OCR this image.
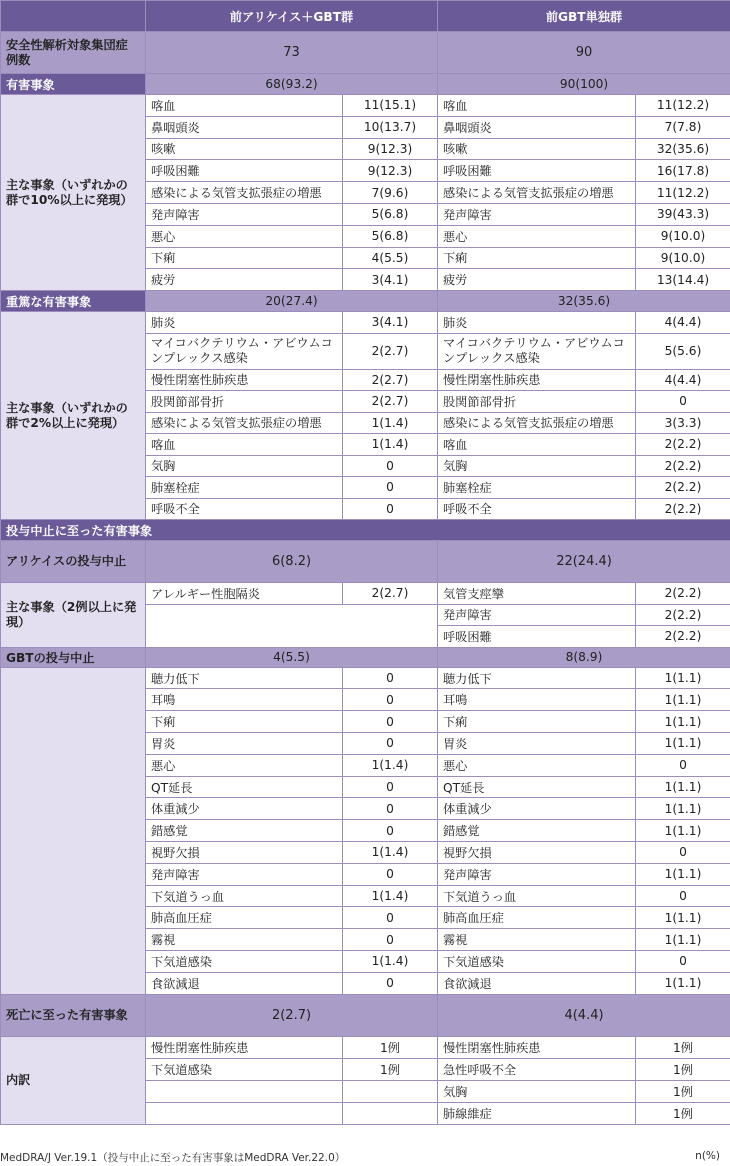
	前アリケイス＋GBT群		前GBT単独群	
安全性解析対象集団症例数	73		90	
有害事象	68(93.2)		90(100)	
主な事象（いずれかの群で10%以上に発現）	喀血	11(15.1)	喀血	11(12.2)
	鼻咽頭炎	10(13.7)	鼻咽頭炎	7(7.8)
	咳嗽	9(12.3)	咳嗽	32(35.6)
	呼吸困難	9(12.3)	呼吸困難	16(17.8)
	感染による気管支拡張症の増悪	7(9.6)	感染による気管支拡張症の増悪	11(12.2)
	発声障害	5(6.8)	発声障害	39(43.3)
	悪心	5(6.8)	悪心	9(10.0)
	下痢	4(5.5)	下痢	9(10.0)
	疲労	3(4.1)	疲労	13(14.4)
重篤な有害事象	20(27.4)		32(35.6)	
主な事象（いずれかの群で2%以上に発現）	肺炎	3(4.1)	肺炎	4(4.4)
	マイコバクテリウム・アビウムコンプレックス感染	2(2.7)	マイコバクテリウム・アビウムコンプレックス感染	5(5.6)
	慢性閉塞性肺疾患	2(2.7)	慢性閉塞性肺疾患	4(4.4)
	股関節部骨折	2(2.7)	股関節部骨折	0
	感染による気管支拡張症の増悪	1(1.4)	感染による気管支拡張症の増悪	3(3.3)
	喀血	1(1.4)	喀血	2(2.2)
	気胸	0	気胸	2(2.2)
	肺塞栓症	0	肺塞栓症	2(2.2)
	呼吸不全	0	呼吸不全	2(2.2)
投与中止に至った有害事象				
アリケイスの投与中止	6(8.2)		22(24.4)	
主な事象（2例以上に発現）	アレルギー性胞隔炎	2(2.7)	気管支痙攣	2(2.2)
			発声障害	2(2.2)
			呼吸困難	2(2.2)
GBTの投与中止	4(5.5)		8(8.9)	
	聴力低下	0	聴力低下	1(1.1)
	耳鳴	0	耳鳴	1(1.1)
	下痢	0	下痢	1(1.1)
	胃炎	0	胃炎	1(1.1)
	悪心	1(1.4)	悪心	0
	QT延長	0	QT延長	1(1.1)
	体重減少	0	体重減少	1(1.1)
	錯感覚	0	錯感覚	1(1.1)
	視野欠損	1(1.4)	視野欠損	0
	発声障害	0	発声障害	1(1.1)
	下気道うっ血	1(1.4)	下気道うっ血	0
	肺高血圧症	0	肺高血圧症	1(1.1)
	霧視	0	霧視	1(1.1)
	下気道感染	1(1.4)	下気道感染	0
	食欲減退	0	食欲減退	1(1.1)
死亡に至った有害事象	2(2.7)		4(4.4)	
内訳	慢性閉塞性肺疾患	1例	慢性閉塞性肺疾患	1例
	下気道感染	1例	急性呼吸不全	1例
			気胸	1例
			肺線維症	1例
MedDRA/J Ver.19.1（投与中止に至った有害事象はMedDRA Ver.22.0）	n(%)
